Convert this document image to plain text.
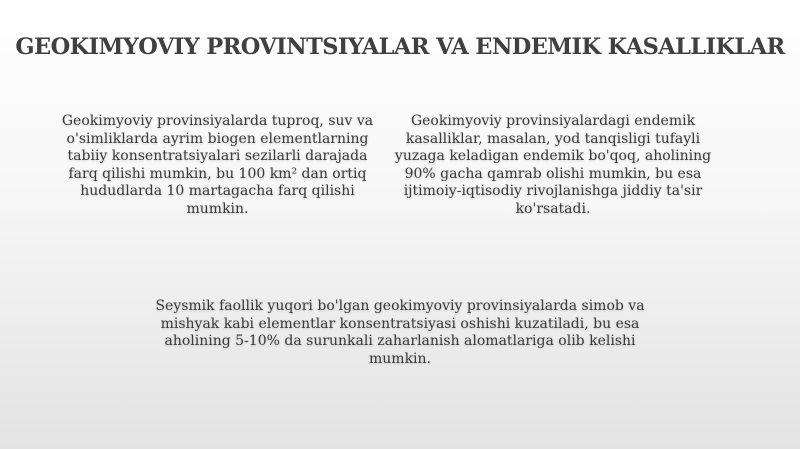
GEOKIMYOVIY PROVINTSIYALAR VA ENDEMIK KASALLIKLAR
Geokimyoviy provinsiyalarda tuproq, suv va o'simliklarda ayrim biogen elementlarning tabiiy konsentratsiyalari sezilarli darajada farq qilishi mumkin, bu 100 km² dan ortiq hududlarda 10 martagacha farq qilishi mumkin.
Geokimyoviy provinsiyalardagi endemik kasalliklar, masalan, yod tanqisligi tufayli yuzaga keladigan endemik bo'qoq, aholining 90% gacha qamrab olishi mumkin, bu esa ijtimoiy-iqtisodiy rivojlanishga jiddiy ta'sir ko'rsatadi.
Seysmik faollik yuqori bo'lgan geokimyoviy provinsiyalarda simob va mishyak kabi elementlar konsentratsiyasi oshishi kuzatiladi, bu esa aholining 5-10% da surunkali zaharlanish alomatlariga olib kelishi mumkin.
